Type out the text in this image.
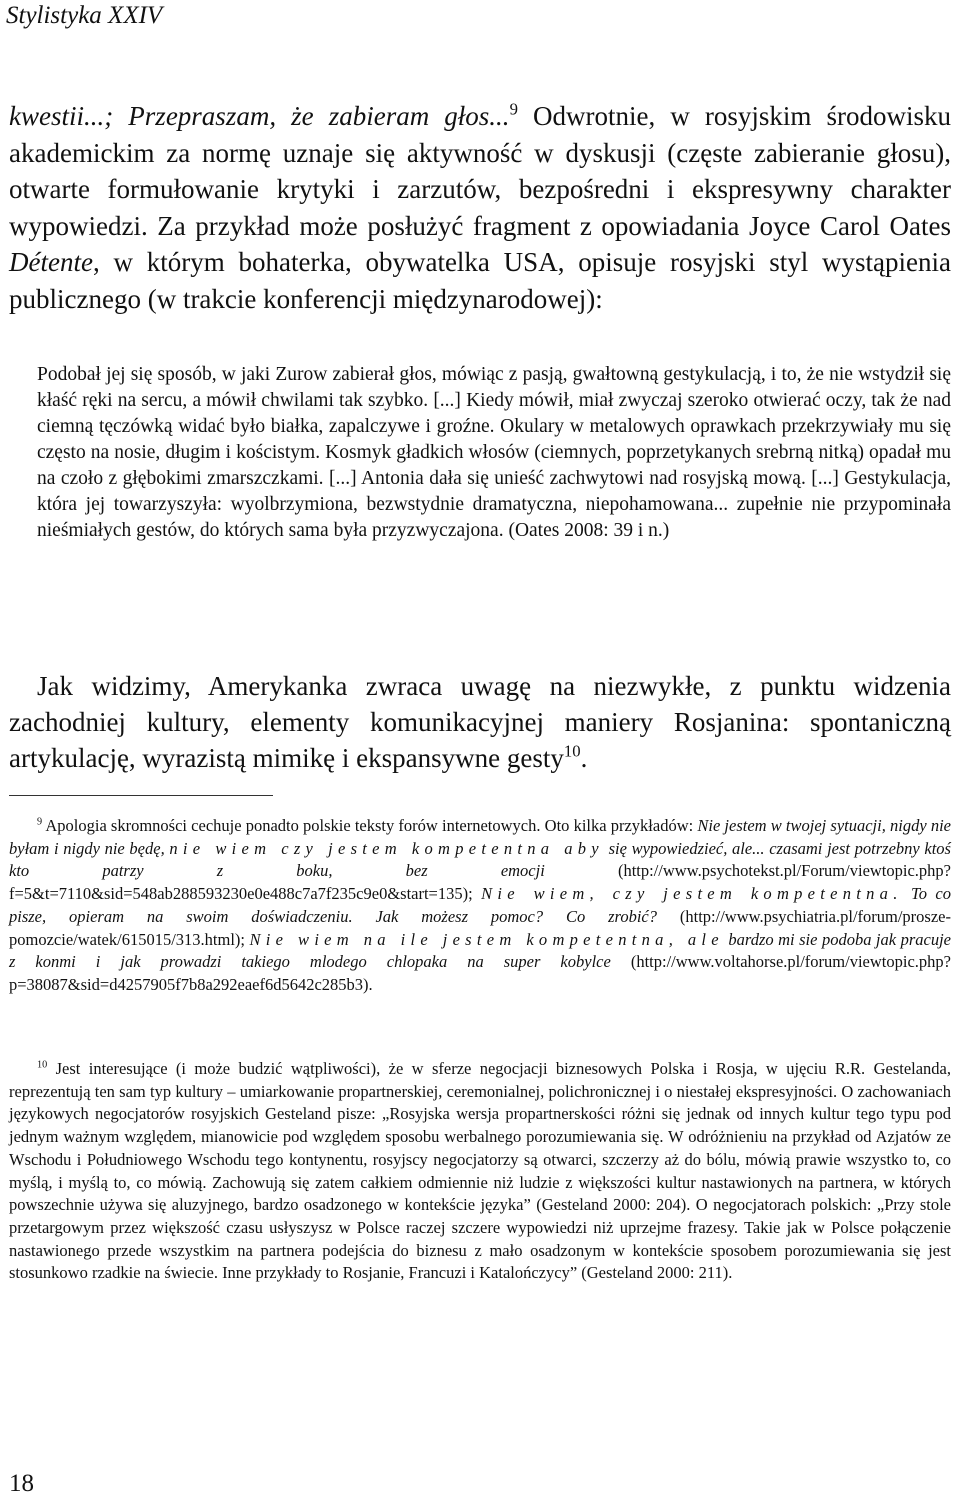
Stylistyka XXIV
kwestii...; Przepraszam, że zabieram głos...$^9$ Odwrotnie, w rosyjskim środowisku akademickim za normę uznaje się aktywność w dyskusji (częste zabieranie głosu), otwarte formułowanie krytyki i zarzutów, bezpośredni i ekspresywny charakter wypowiedzi. Za przykład może posłużyć fragment z opowiadania Joyce Carol Oates Détente, w którym bohaterka, obywatelka USA, opisuje rosyjski styl wystąpienia publicznego (w trakcie konferencji międzynarodowej):
Podobał jej się sposób, w jaki Zurow zabierał głos, mówiąc z pasją, gwałtowną gestykulacją, i to, że nie wstydził się kłaść ręki na sercu, a mówił chwilami tak szybko. [...] Kiedy mówił, miał zwyczaj szeroko otwierać oczy, tak że nad ciemną tęczówką widać było białka, zapalczywe i groźne. Okulary w metalowych oprawkach przekrzywiały mu się często na nosie, długim i kościstym. Kosmyk gładkich włosów (ciemnych, poprzetykanych srebrną nitką) opadał mu na czoło z głębokimi zmarszczkami. [...] Antonia dała się unieść zachwytowi nad rosyjską mową. [...] Gestykulacja, która jej towarzyszyła: wyolbrzymiona, bezwstydnie dramatyczna, niepohamowana... zupełnie nie przypominała nieśmiałych gestów, do których sama była przyzwyczajona. (Oates 2008: 39 i n.)
Jak widzimy, Amerykanka zwraca uwagę na niezwykłe, z punktu widzenia zachodniej kultury, elementy komunikacyjnej maniery Rosjanina: spontaniczną artykulację, wyrazistą mimikę i ekspansywne gesty$^{10}$.
$^9$ Apologia skromności cechuje ponadto polskie teksty forów internetowych. Oto kilka przykładów: Nie jestem w twojej sytuacji, nigdy nie byłam i nigdy nie będę, nie wiem czy jestem kompetentna aby się wypowiedzieć, ale... czasami jest potrzebny ktoś kto patrzy z boku, bez emocji (http://www.psychotekst.pl/Forum/viewtopic.php?f=5&t=7110&sid=548ab288593230e0e488c7a7f235c9e0&start=135); Nie wiem, czy jestem kompetentna. To co pisze, opieram na swoim doświadczeniu. Jak możesz pomoc? Co zrobić? (http://www.psychiatria.pl/forum/prosze-pomozcie/watek/615015/313.html); Nie wiem na ile jestem kompetentna, ale bardzo mi sie podoba jak pracuje z konmi i jak prowadzi takiego mlodego chlopaka na super kobylce (http://www.voltahorse.pl/forum/viewtopic.php?p=38087&sid=d4257905f7b8a292eaef6d5642c285b3).
$^{10}$ Jest interesujące (i może budzić wątpliwości), że w sferze negocjacji biznesowych Polska i Rosja, w ujęciu R.R. Gestelanda, reprezentują ten sam typ kultury – umiarkowanie propartnerskiej, ceremonialnej, polichronicznej i o niestałej ekspresyjności. O zachowaniach językowych negocjatorów rosyjskich Gesteland pisze: „Rosyjska wersja propartnerskości różni się jednak od innych kultur tego typu pod jednym ważnym względem, mianowicie pod względem sposobu werbalnego porozumiewania się. W odróżnieniu na przykład od Azjatów ze Wschodu i Południowego Wschodu tego kontynentu, rosyjscy negocjatorzy są otwarci, szczerzy aż do bólu, mówią prawie wszystko to, co myślą, i myślą to, co mówią. Zachowują się zatem całkiem odmiennie niż ludzie z większości kultur nastawionych na partnera, w których powszechnie używa się aluzyjnego, bardzo osadzonego w kontekście języka” (Gesteland 2000: 204). O negocjatorach polskich: „Przy stole przetargowym przez większość czasu usłyszysz w Polsce raczej szczere wypowiedzi niż uprzejme frazesy. Takie jak w Polsce połączenie nastawionego przede wszystkim na partnera podejścia do biznesu z mało osadzonym w kontekście sposobem porozumiewania się jest stosunkowo rzadkie na świecie. Inne przykłady to Rosjanie, Francuzi i Katalończycy” (Gesteland 2000: 211).
18
